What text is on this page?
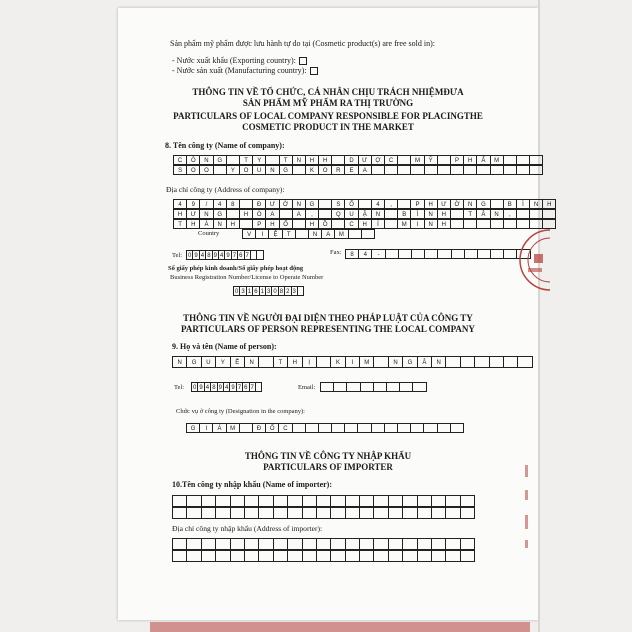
Sản phẩm mỹ phẩm được lưu hành tự do tại (Cosmetic product(s) are free sold in):
- Nước xuất khẩu (Exporting country):
- Nước sản xuất (Manufacturing country):
THÔNG TIN VỀ TỔ CHỨC, CÁ NHÂN CHỊU TRÁCH NHIỆMĐƯA
SẢN PHẨM MỸ PHẨM RA THỊ TRƯỜNG
PARTICULARS OF LOCAL COMPANY RESPONSIBLE FOR PLACINGTHE
COSMETIC PRODUCT IN THE MARKET
8. Tên công ty (Name of company):
C	Ô	N	G	T	Y	T	N	H	H	D	Ư	Ợ	C	M	Ỹ	P	H	Ẩ	M
S	O	O	Y	O	U	N	G	K	O	R	E	A
Địa chỉ công ty (Address of company):
4	9	/	4	8	Đ	Ư	Ờ	N	G	S	Ố	4	,	P	H	Ư	Ờ	N	G	B	Ì	N	H
H	Ư	N	G	H	Ò	A	A	,	Q	U	Ậ	N	B	Ì	N	H	T	Â	N	,
T	H	À	N	H	P	H	Ố	H	Ồ	C	H	Í	M	I	N	H
Country	V	I	Ệ	T	N	A	M
Tel:	0 9 4 8 9 4 9 7 6 7	Fax:	8	4	-
Số giấy phép kinh doanh/Số giấy phép hoạt động
Business Registration Number/License to Operate Number
0 3 1 6 1 3 0 8 2 3
THÔNG TIN VỀ NGƯỜI ĐẠI DIỆN THEO PHÁP LUẬT CỦA CÔNG TY
PARTICULARS OF PERSON REPRESENTING THE LOCAL COMPANY
9. Họ và tên (Name of person):
N	G	U	Y	Ễ	N	T	H	Ị	K	I	M	N	G	Â	N
Tel:	0 9 4 8 9 4 9 7 6 7	Email:
Chức vụ ở công ty (Designation in the company):
G	I	Á	M	Đ	Ố	C
THÔNG TIN VỀ CÔNG TY NHẬP KHẨU
PARTICULARS OF IMPORTER
10.Tên công ty nhập khẩu (Name of importer):
Địa chỉ công ty nhập khẩu (Address of importer):
